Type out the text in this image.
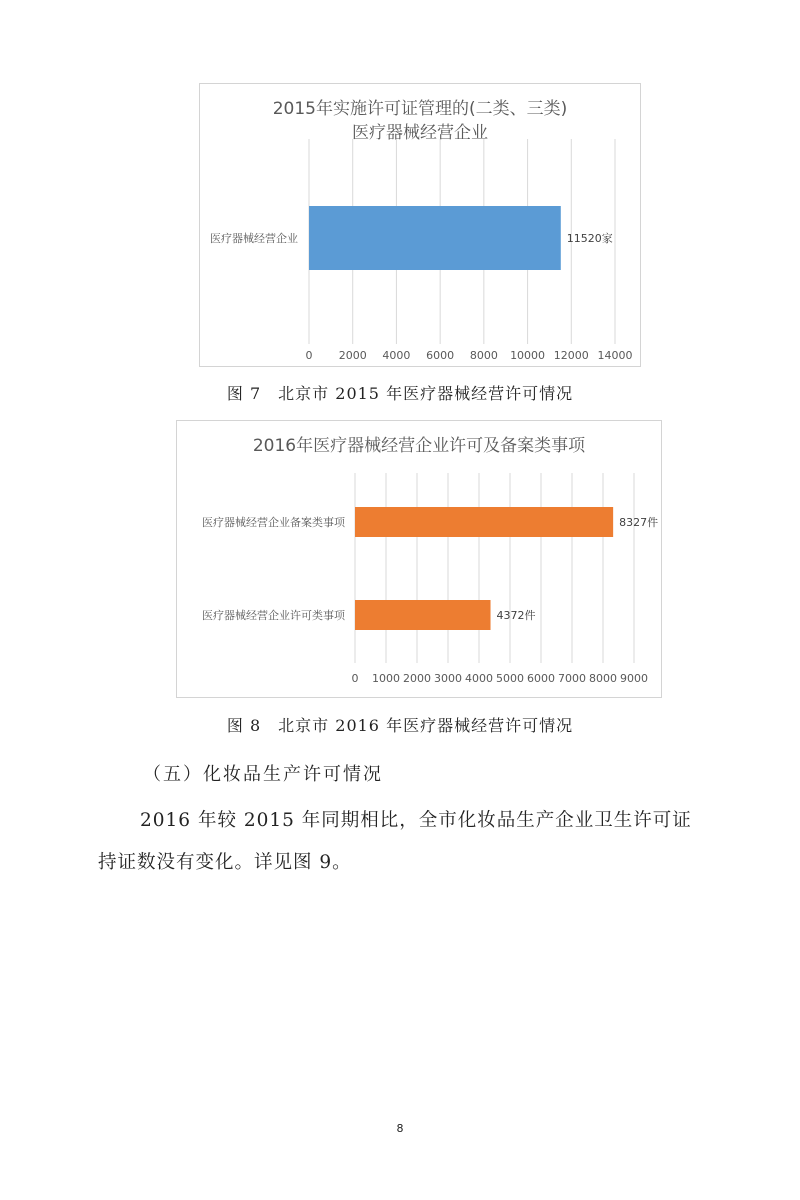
2015年实施许可证管理的(二类、三类)
医疗器械经营企业
0 2000 4000 6000 8000 10000 12000 14000
医疗器械经营企业	11520家
图 7　北京市 2015 年医疗器械经营许可情况
2016年医疗器械经营企业许可及备案类事项
0 1000 2000 3000 4000 5000 6000 7000 8000 9000
医疗器械经营企业备案类事项	8327件
医疗器械经营企业许可类事项	4372件
图 8　北京市 2016 年医疗器械经营许可情况
（五）化妆品生产许可情况
2016 年较 2015 年同期相比，全市化妆品生产企业卫生许可证持证数没有变化。详见图 9。
8
